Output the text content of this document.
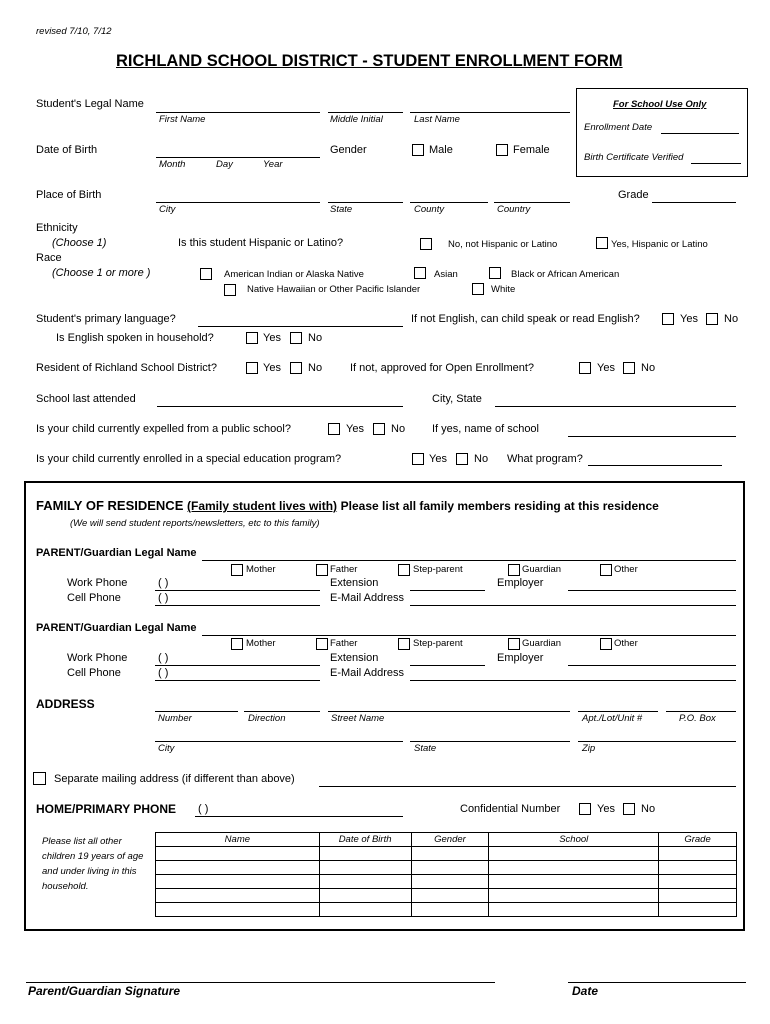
revised 7/10, 7/12
RICHLAND SCHOOL DISTRICT - STUDENT ENROLLMENT FORM
For School Use Only
Enrollment Date
Birth Certificate Verified
Student's Legal Name
First Name	Middle Initial	Last Name
Date of Birth
Month	Day	Year
Gender	Male	Female
Place of Birth
City	State	County	Country
Grade
Ethnicity
(Choose 1)	Is this student Hispanic or Latino?	No, not Hispanic or Latino	Yes, Hispanic or Latino
Race
(Choose 1 or more )	American Indian or Alaska Native	Asian	Black or African American
Native Hawaiian or Other Pacific Islander	White
Student's primary language?	If not English, can child speak or read English?	Yes No
Is English spoken in household?	Yes No
Resident of Richland School District?	Yes No	If not, approved for Open Enrollment?	Yes No
School last attended	City, State
Is your child currently expelled from a public school?	Yes No If yes, name of school
Is your child currently enrolled in a special education program?	Yes No What program?
FAMILY OF RESIDENCE (Family student lives with) Please list all family members residing at this residence
(We will send student reports/newsletters, etc to this family)
PARENT/Guardian Legal Name
Mother	Father	Step-parent	Guardian	Other
Work Phone	( )	Extension	Employer
Cell Phone	( )	E-Mail Address
PARENT/Guardian Legal Name
Mother	Father	Step-parent	Guardian	Other
Work Phone	( )	Extension	Employer
Cell Phone	( )	E-Mail Address
ADDRESS
Number	Direction	Street Name	Apt./Lot/Unit #	P.O. Box
City	State	Zip
Separate mailing address (if different than above)
HOME/PRIMARY PHONE ( )	Confidential Number	Yes No
Please list all other
children 19 years of age
and under living in this
household.
Name	Date of Birth	Gender	School	Grade

Parent/Guardian Signature	Date
